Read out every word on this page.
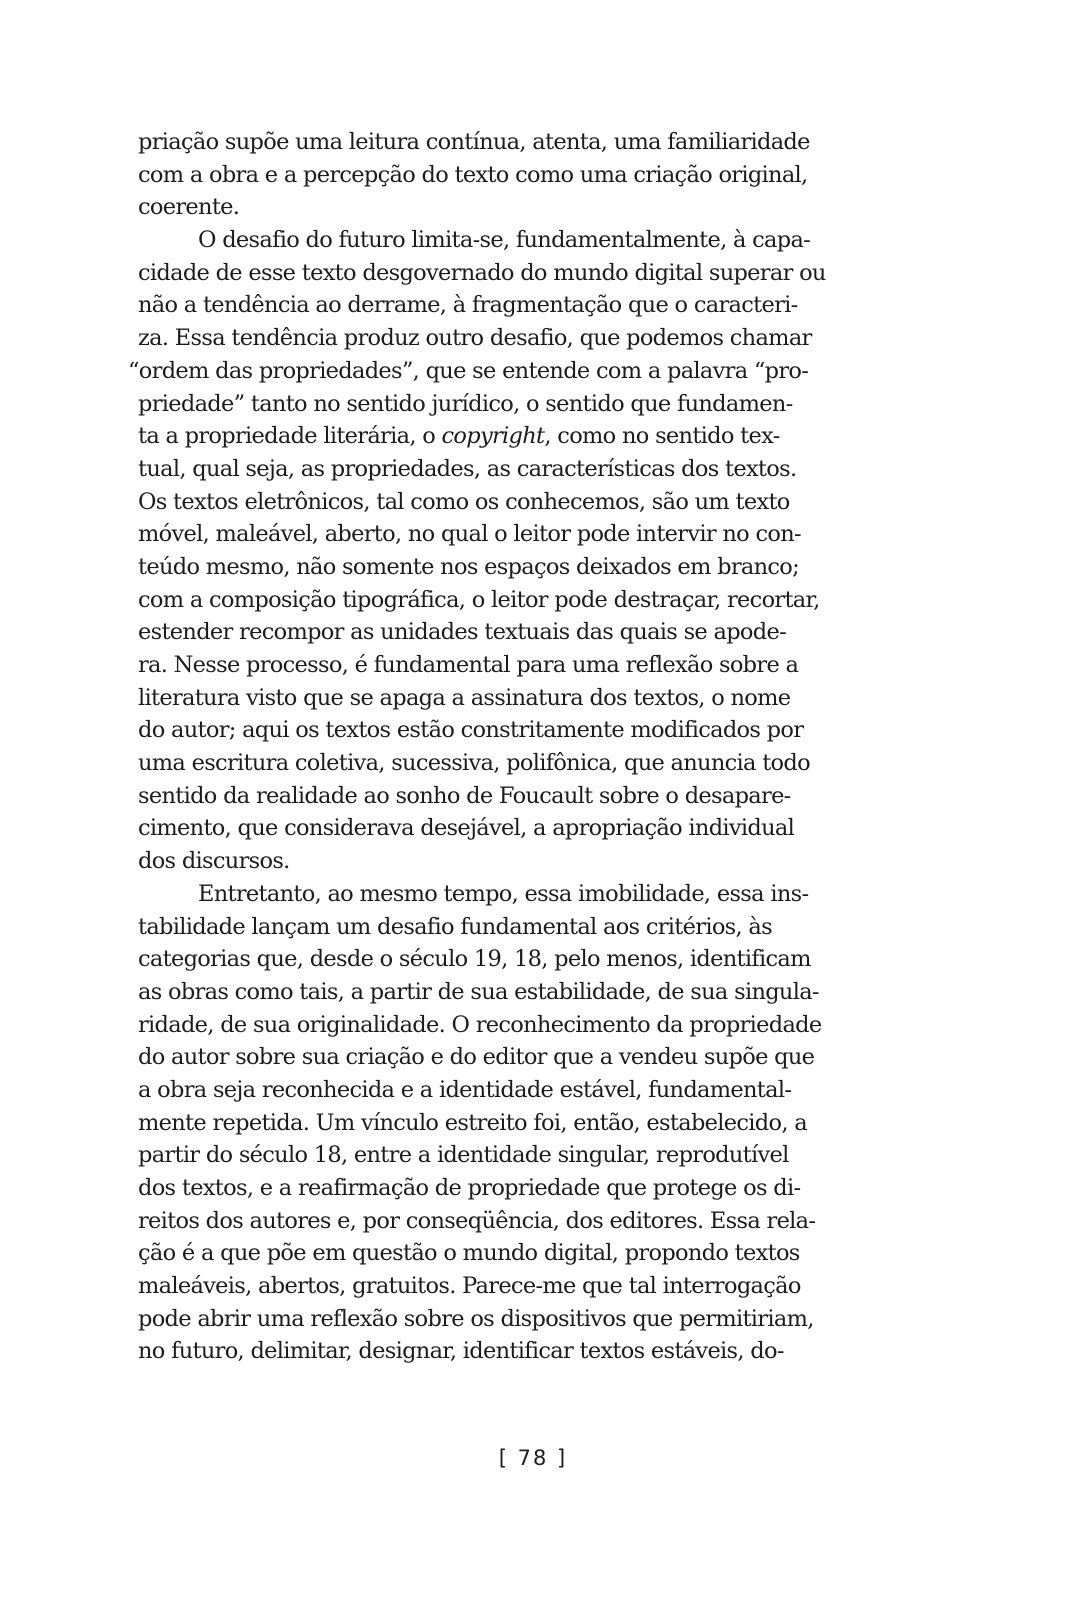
priação supõe uma leitura contínua, atenta, uma familiaridade
com a obra e a percepção do texto como uma criação original,
coerente.
O desafio do futuro limita-se, fundamentalmente, à capa-
cidade de esse texto desgovernado do mundo digital superar ou
não a tendência ao derrame, à fragmentação que o caracteri-
za. Essa tendência produz outro desafio, que podemos chamar
“ordem das propriedades”, que se entende com a palavra “pro-
priedade” tanto no sentido jurídico, o sentido que fundamen-
ta a propriedade literária, o copyright, como no sentido tex-
tual, qual seja, as propriedades, as características dos textos.
Os textos eletrônicos, tal como os conhecemos, são um texto
móvel, maleável, aberto, no qual o leitor pode intervir no con-
teúdo mesmo, não somente nos espaços deixados em branco;
com a composição tipográfica, o leitor pode destraçar, recortar,
estender recompor as unidades textuais das quais se apode-
ra. Nesse processo, é fundamental para uma reflexão sobre a
literatura visto que se apaga a assinatura dos textos, o nome
do autor; aqui os textos estão constritamente modificados por
uma escritura coletiva, sucessiva, polifônica, que anuncia todo
sentido da realidade ao sonho de Foucault sobre o desapare-
cimento, que considerava desejável, a apropriação individual
dos discursos.
Entretanto, ao mesmo tempo, essa imobilidade, essa ins-
tabilidade lançam um desafio fundamental aos critérios, às
categorias que, desde o século 19, 18, pelo menos, identificam
as obras como tais, a partir de sua estabilidade, de sua singula-
ridade, de sua originalidade. O reconhecimento da propriedade
do autor sobre sua criação e do editor que a vendeu supõe que
a obra seja reconhecida e a identidade estável, fundamental-
mente repetida. Um vínculo estreito foi, então, estabelecido, a
partir do século 18, entre a identidade singular, reprodutível
dos textos, e a reafirmação de propriedade que protege os di-
reitos dos autores e, por conseqüência, dos editores. Essa rela-
ção é a que põe em questão o mundo digital, propondo textos
maleáveis, abertos, gratuitos. Parece-me que tal interrogação
pode abrir uma reflexão sobre os dispositivos que permitiriam,
no futuro, delimitar, designar, identificar textos estáveis, do-
[ 78 ]
